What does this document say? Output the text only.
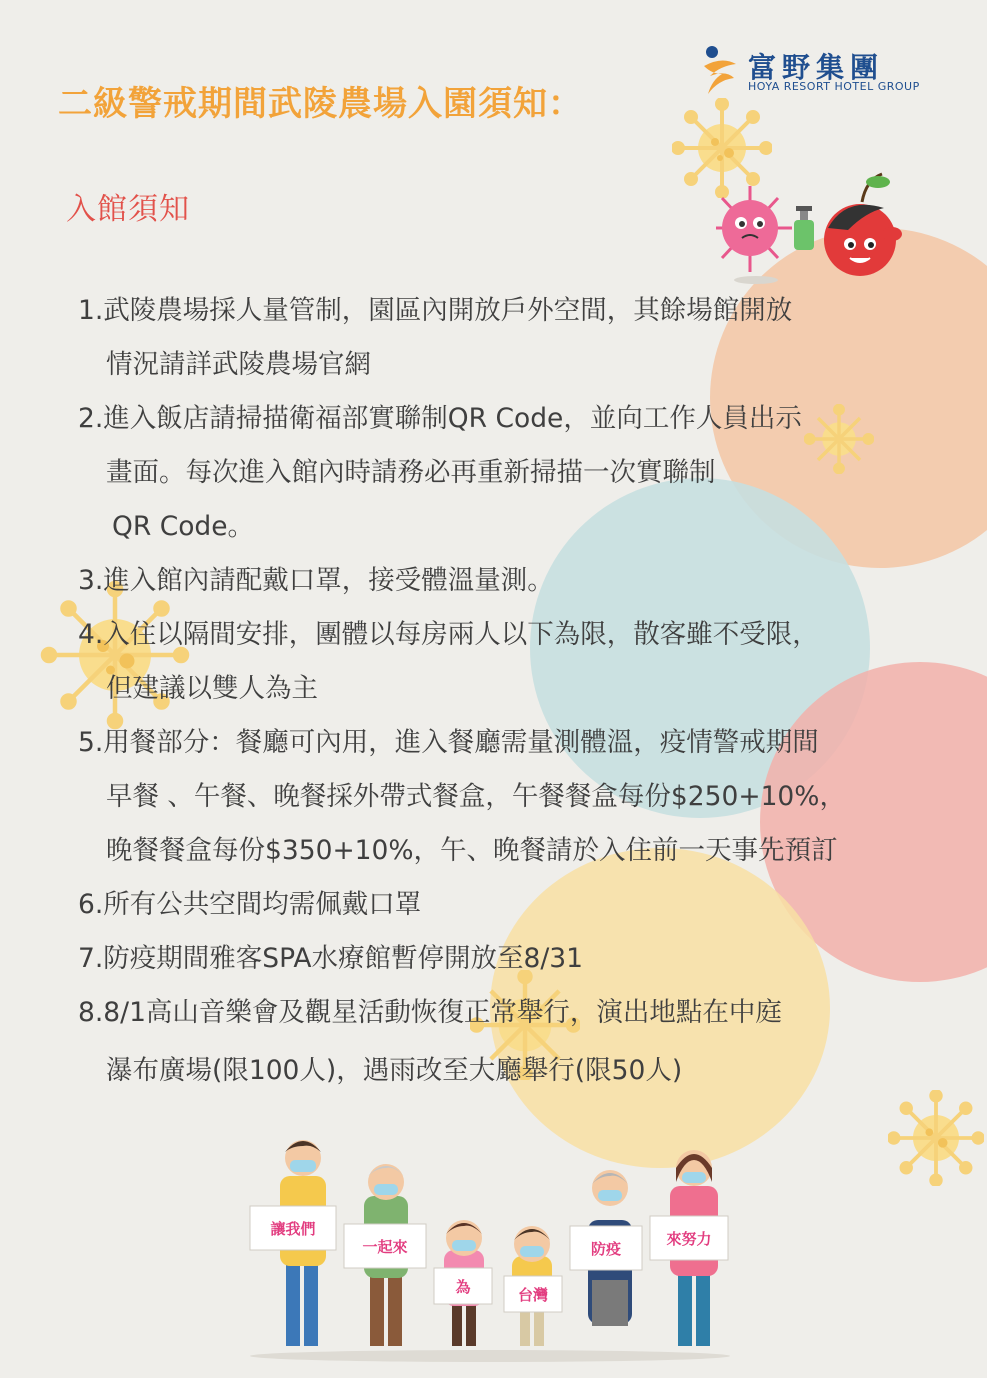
富野集團
HOYA RESORT HOTEL GROUP
二級警戒期間武陵農場入園須知：
入館須知
1.武陵農場採人量管制，園區內開放戶外空間，其餘場館開放
情況請詳武陵農場官網
2.進入飯店請掃描衛福部實聯制QR Code，並向工作人員出示
畫面。每次進入館內時請務必再重新掃描一次實聯制
QR Code。
3.進入館內請配戴口罩，接受體溫量測。
4.入住以隔間安排，團體以每房兩人以下為限，散客雖不受限，
但建議以雙人為主
5.用餐部分：餐廳可內用，進入餐廳需量測體溫，疫情警戒期間
早餐 、午餐、晚餐採外帶式餐盒，午餐餐盒每份$250+10%，
晚餐餐盒每份$350+10%，午、晚餐請於入住前一天事先預訂
6.所有公共空間均需佩戴口罩
7.防疫期間雅客SPA水療館暫停開放至8/31
8.8/1高山音樂會及觀星活動恢復正常舉行，演出地點在中庭
瀑布廣場(限100人)，遇雨改至大廳舉行(限50人)
讓我們
一起來
為	台灣
防疫
來努力
